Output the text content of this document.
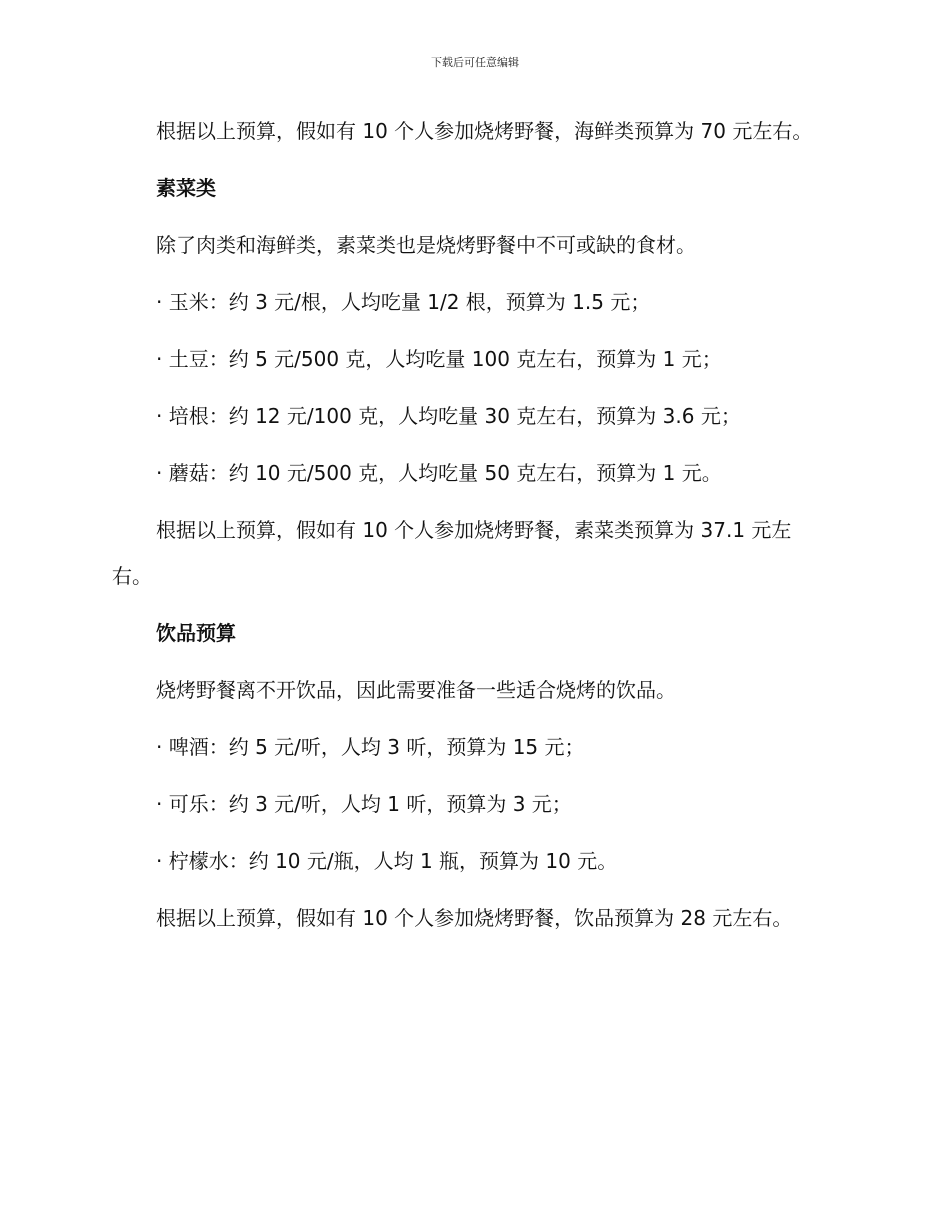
下载后可任意编辑

根据以上预算，假如有 10 个人参加烧烤野餐，海鲜类预算为 70 元左右。

素菜类

除了肉类和海鲜类，素菜类也是烧烤野餐中不可或缺的食材。

· 玉米：约 3 元/根，人均吃量 1/2 根，预算为 1.5 元；

· 土豆：约 5 元/500 克，人均吃量 100 克左右，预算为 1 元；

· 培根：约 12 元/100 克，人均吃量 30 克左右，预算为 3.6 元；

· 蘑菇：约 10 元/500 克，人均吃量 50 克左右，预算为 1 元。

根据以上预算，假如有 10 个人参加烧烤野餐，素菜类预算为 37.1 元左右。

饮品预算

烧烤野餐离不开饮品，因此需要准备一些适合烧烤的饮品。

· 啤酒：约 5 元/听，人均 3 听，预算为 15 元；

· 可乐：约 3 元/听，人均 1 听，预算为 3 元；

· 柠檬水：约 10 元/瓶，人均 1 瓶，预算为 10 元。

根据以上预算，假如有 10 个人参加烧烤野餐，饮品预算为 28 元左右。
